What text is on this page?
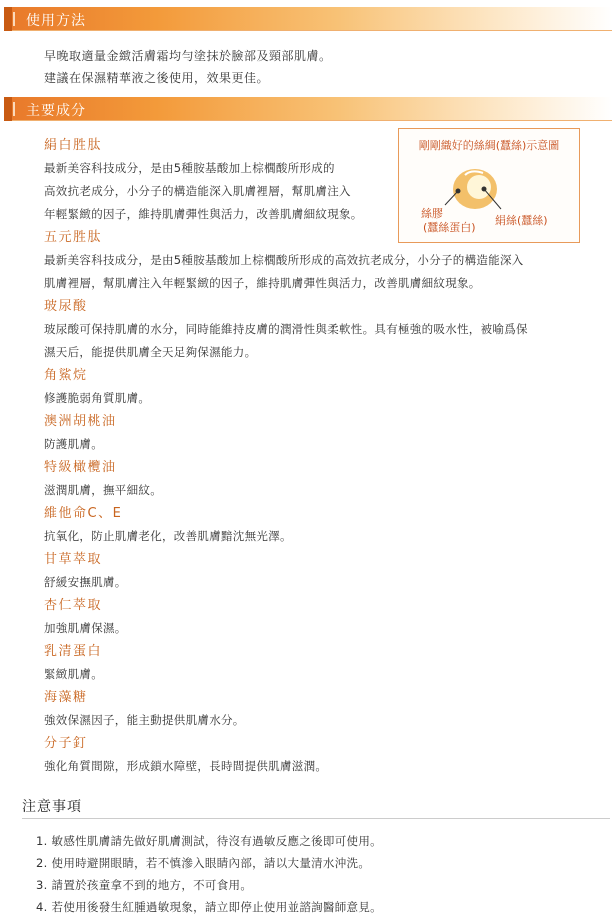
使用方法
早晚取適量金緻活膚霜均勻塗抹於臉部及頸部肌膚。
建議在保濕精華液之後使用，效果更佳。
主要成分
絹白胜肽
最新美容科技成分，是由5種胺基酸加上棕櫚酸所形成的
高效抗老成分，小分子的構造能深入肌膚裡層，幫肌膚注入
年輕緊緻的因子，維持肌膚彈性與活力，改善肌膚細紋現象。
五元胜肽
最新美容科技成分，是由5種胺基酸加上棕櫚酸所形成的高效抗老成分，小分子的構造能深入
肌膚裡層，幫肌膚注入年輕緊緻的因子，維持肌膚彈性與活力，改善肌膚細紋現象。
玻尿酸
玻尿酸可保持肌膚的水分，同時能維持皮膚的潤滑性與柔軟性。具有極強的吸水性，被喻爲保
濕天后，能提供肌膚全天足夠保濕能力。
角鯊烷
修護脆弱角質肌膚。
澳洲胡桃油
防護肌膚。
特級橄欖油
滋潤肌膚，撫平細紋。
維他命C、E
抗氧化，防止肌膚老化，改善肌膚黯沈無光澤。
甘草萃取
舒緩安撫肌膚。
杏仁萃取
加強肌膚保濕。
乳清蛋白
緊緻肌膚。
海藻糖
強效保濕因子，能主動提供肌膚水分。
分子釘
強化角質間隙，形成鎖水障壁，長時間提供肌膚滋潤。
剛剛織好的絲綢(蠶絲)示意圖
絲膠
(蠶絲蛋白)
絹絲(蠶絲)
注意事項
1. 敏感性肌膚請先做好肌膚測試，待沒有過敏反應之後即可使用。
2. 使用時避開眼睛，若不慎滲入眼睛內部，請以大量清水沖洗。
3. 請置於孩童拿不到的地方，不可食用。
4. 若使用後發生紅腫過敏現象，請立即停止使用並諮詢醫師意見。
